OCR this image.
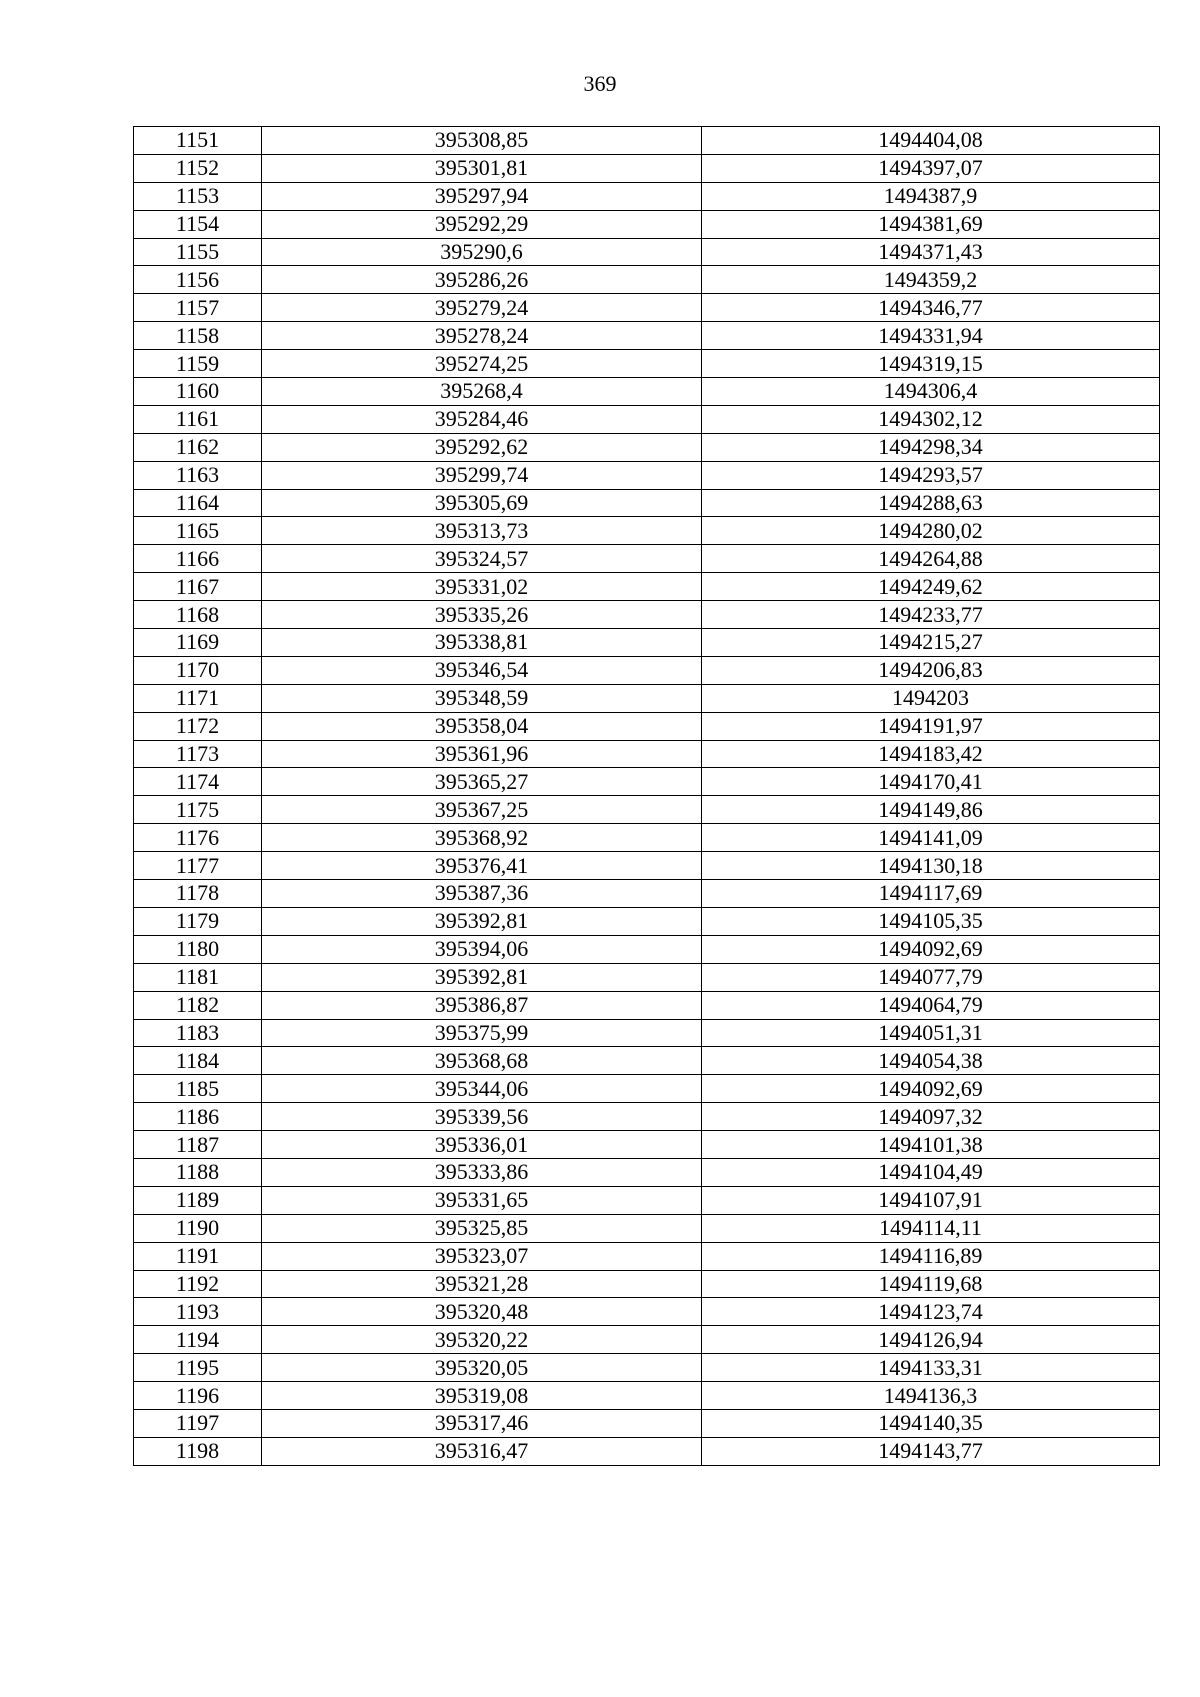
369
1151	395308,85	1494404,08
1152	395301,81	1494397,07
1153	395297,94	1494387,9
1154	395292,29	1494381,69
1155	395290,6	1494371,43
1156	395286,26	1494359,2
1157	395279,24	1494346,77
1158	395278,24	1494331,94
1159	395274,25	1494319,15
1160	395268,4	1494306,4
1161	395284,46	1494302,12
1162	395292,62	1494298,34
1163	395299,74	1494293,57
1164	395305,69	1494288,63
1165	395313,73	1494280,02
1166	395324,57	1494264,88
1167	395331,02	1494249,62
1168	395335,26	1494233,77
1169	395338,81	1494215,27
1170	395346,54	1494206,83
1171	395348,59	1494203
1172	395358,04	1494191,97
1173	395361,96	1494183,42
1174	395365,27	1494170,41
1175	395367,25	1494149,86
1176	395368,92	1494141,09
1177	395376,41	1494130,18
1178	395387,36	1494117,69
1179	395392,81	1494105,35
1180	395394,06	1494092,69
1181	395392,81	1494077,79
1182	395386,87	1494064,79
1183	395375,99	1494051,31
1184	395368,68	1494054,38
1185	395344,06	1494092,69
1186	395339,56	1494097,32
1187	395336,01	1494101,38
1188	395333,86	1494104,49
1189	395331,65	1494107,91
1190	395325,85	1494114,11
1191	395323,07	1494116,89
1192	395321,28	1494119,68
1193	395320,48	1494123,74
1194	395320,22	1494126,94
1195	395320,05	1494133,31
1196	395319,08	1494136,3
1197	395317,46	1494140,35
1198	395316,47	1494143,77
